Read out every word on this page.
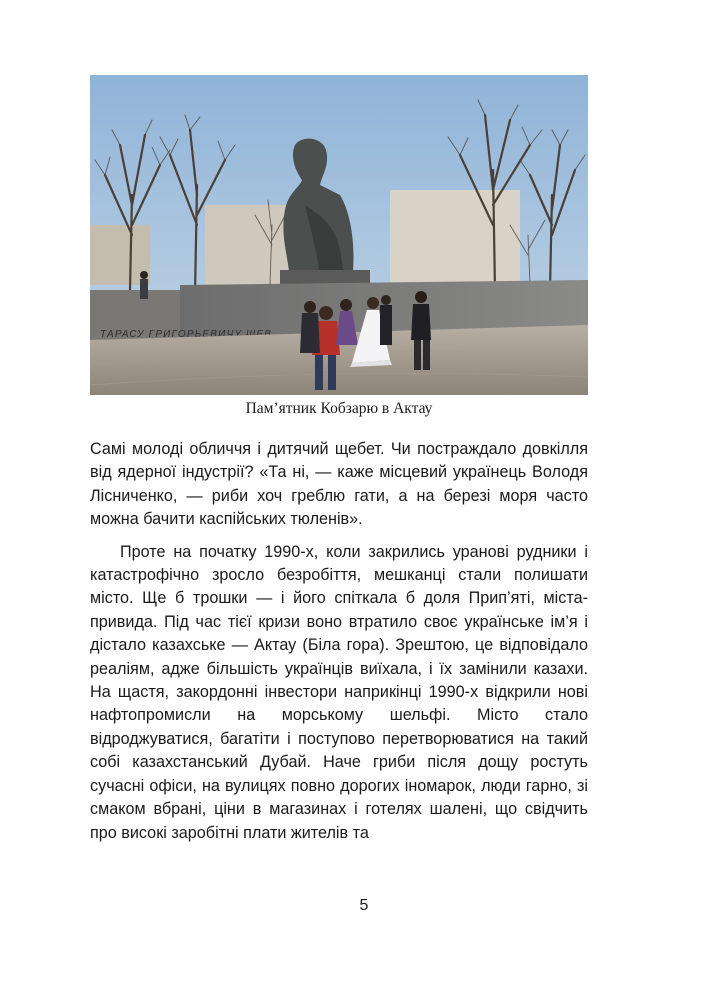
ТАРАСУ ГРИГОРЬЕВИЧУ ШЕВ
Пам’ятник Кобзарю в Актау

Самі молоді обличчя і дитячий щебет. Чи постраждало довкілля від ядерної індустрії? «Та ні, — каже місцевий українець Володя Лісниченко, — риби хоч греблю гати, а на березі моря часто можна бачити каспійських тюленів».

Проте на початку 1990-х, коли закрились уранові рудники і катастрофічно зросло безробіття, мешканці стали полишати місто. Ще б трошки — і його спіткала б доля Прип’яті, міста-привида. Під час тієї кризи воно втратило своє українське ім’я і дістало казахське — Актау (Біла гора). Зрештою, це відповідало реаліям, адже більшість українців виїхала, і їх замінили казахи. На щастя, закордонні інвестори наприкінці 1990-х відкрили нові нафтопромисли на морському шельфі. Місто стало відроджуватися, багатіти і поступово перетворюватися на такий собі казахстанський Дубай. Наче гриби після дощу ростуть сучасні офіси, на вулицях повно дорогих іномарок, люди гарно, зі смаком вбрані, ціни в магазинах і готелях шалені, що свідчить про високі заробітні плати жителів та

5
